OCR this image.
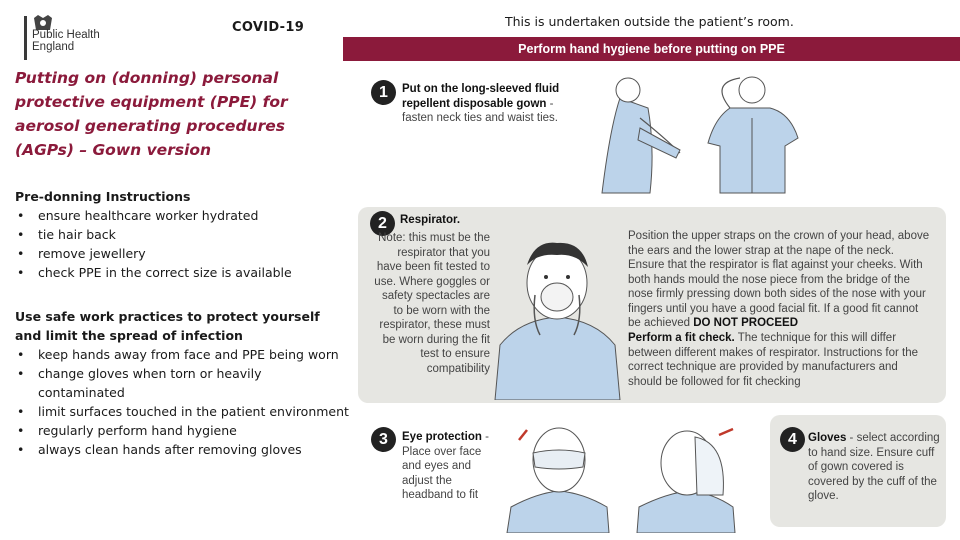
Public Health
England
COVID-19	This is undertaken outside the patient’s room.
Perform hand hygiene before putting on PPE
Putting on (donning) personal protective equipment (PPE) for aerosol generating procedures (AGPs) – Gown version
Pre-donning Instructions
• ensure healthcare worker hydrated
• tie hair back
• remove jewellery
• check PPE in the correct size is available
Use safe work practices to protect yourself and limit the spread of infection
• keep hands away from face and PPE being worn
• change gloves when torn or heavily contaminated
• limit surfaces touched in the patient environment
• regularly perform hand hygiene
• always clean hands after removing gloves
1	Put on the long-sleeved fluid repellent disposable gown - fasten neck ties and waist ties.
2	Respirator.
Note: this must be the respirator that you have been fit tested to use. Where goggles or safety spectacles are to be worn with the respirator, these must be worn during the fit test to ensure compatibility
Position the upper straps on the crown of your head, above the ears and the lower strap at the nape of the neck. Ensure that the respirator is flat against your cheeks. With both hands mould the nose piece from the bridge of the nose firmly pressing down both sides of the nose with your fingers until you have a good facial fit. If a good fit cannot be achieved DO NOT PROCEED
Perform a fit check. The technique for this will differ between different makes of respirator. Instructions for the correct technique are provided by manufacturers and should be followed for fit checking
3	Eye protection - Place over face and eyes and adjust the headband to fit
4 Gloves - select according to hand size. Ensure cuff of gown covered is covered by the cuff of the glove.
